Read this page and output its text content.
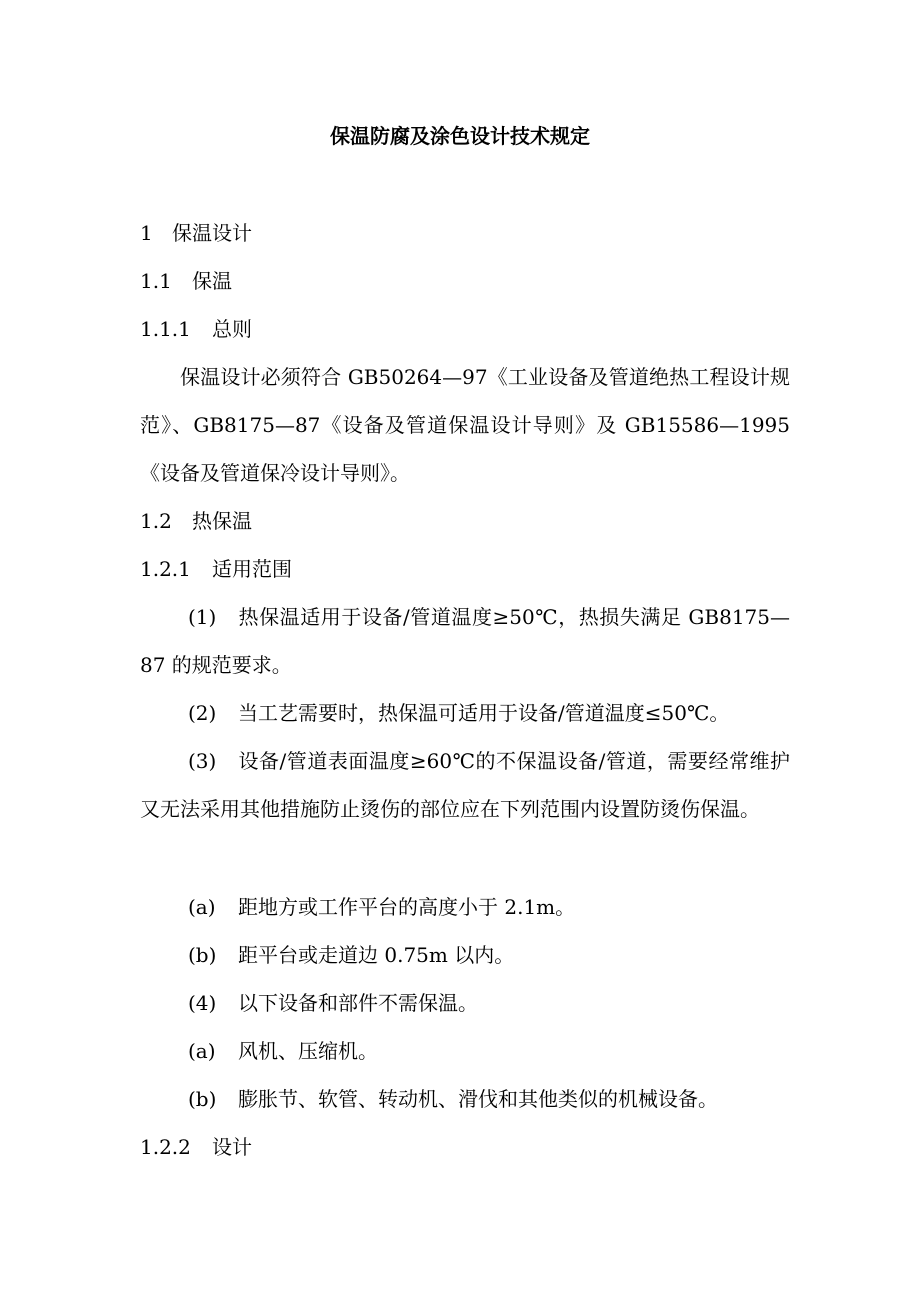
保温防腐及涂色设计技术规定
1 保温设计
1.1 保温
1.1.1 总则

保温设计必须符合 GB50264—97《工业设备及管道绝热工程设计规范》、GB8175—87《设备及管道保温设计导则》及 GB15586—1995《设备及管道保冷设计导则》。

1.2 热保温
1.2.1 适用范围

(1) 热保温适用于设备/管道温度≥50℃，热损失满足 GB8175—87 的规范要求。

(2) 当工艺需要时，热保温可适用于设备/管道温度≤50℃。

(3) 设备/管道表面温度≥60℃的不保温设备/管道，需要经常维护又无法采用其他措施防止烫伤的部位应在下列范围内设置防烫伤保温。

(a) 距地方或工作平台的高度小于 2.1m。
(b) 距平台或走道边 0.75m 以内。
(4) 以下设备和部件不需保温。
(a) 风机、压缩机。
(b) 膨胀节、软管、转动机、滑伐和其他类似的机械设备。
1.2.2 设计
